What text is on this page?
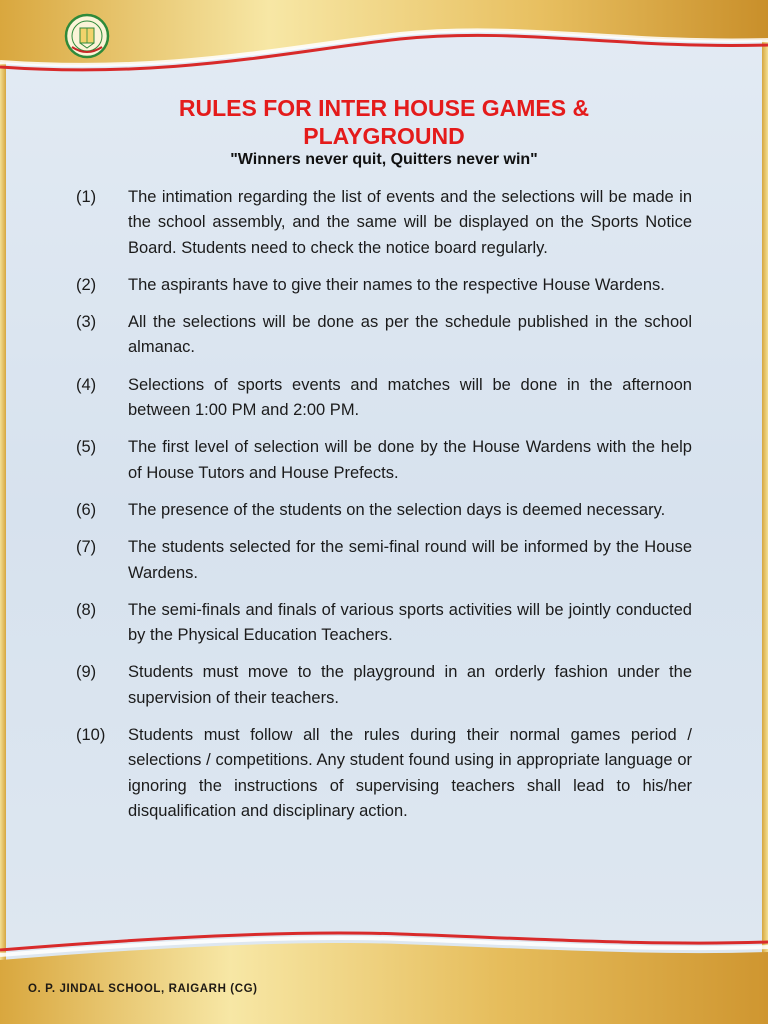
RULES FOR INTER HOUSE GAMES & PLAYGROUND

"Winners never quit, Quitters never win"

(1)	The intimation regarding the list of events and the selections will be made in the school assembly, and the same will be displayed on the Sports Notice Board. Students need to check the notice board regularly.
(2)	The aspirants have to give their names to the respective House Wardens.
(3)	All the selections will be done as per the schedule published in the school almanac.
(4)	Selections of sports events and matches will be done in the afternoon between 1:00 PM and 2:00 PM.
(5)	The first level of selection will be done by the House Wardens with the help of House Tutors and House Prefects.
(6)	The presence of the students on the selection days is deemed necessary.
(7)	The students selected for the semi-final round will be informed by the House Wardens.
(8)	The semi-finals and finals of various sports activities will be jointly conducted by the Physical Education Teachers.
(9)	Students must move to the playground in an orderly fashion under the supervision of their teachers.
(10)	Students must follow all the rules during their normal games period / selections / competitions. Any student found using in appropriate language or ignoring the instructions of supervising teachers shall lead to his/her disqualification and disciplinary action.
O. P. JINDAL SCHOOL, RAIGARH (CG)
